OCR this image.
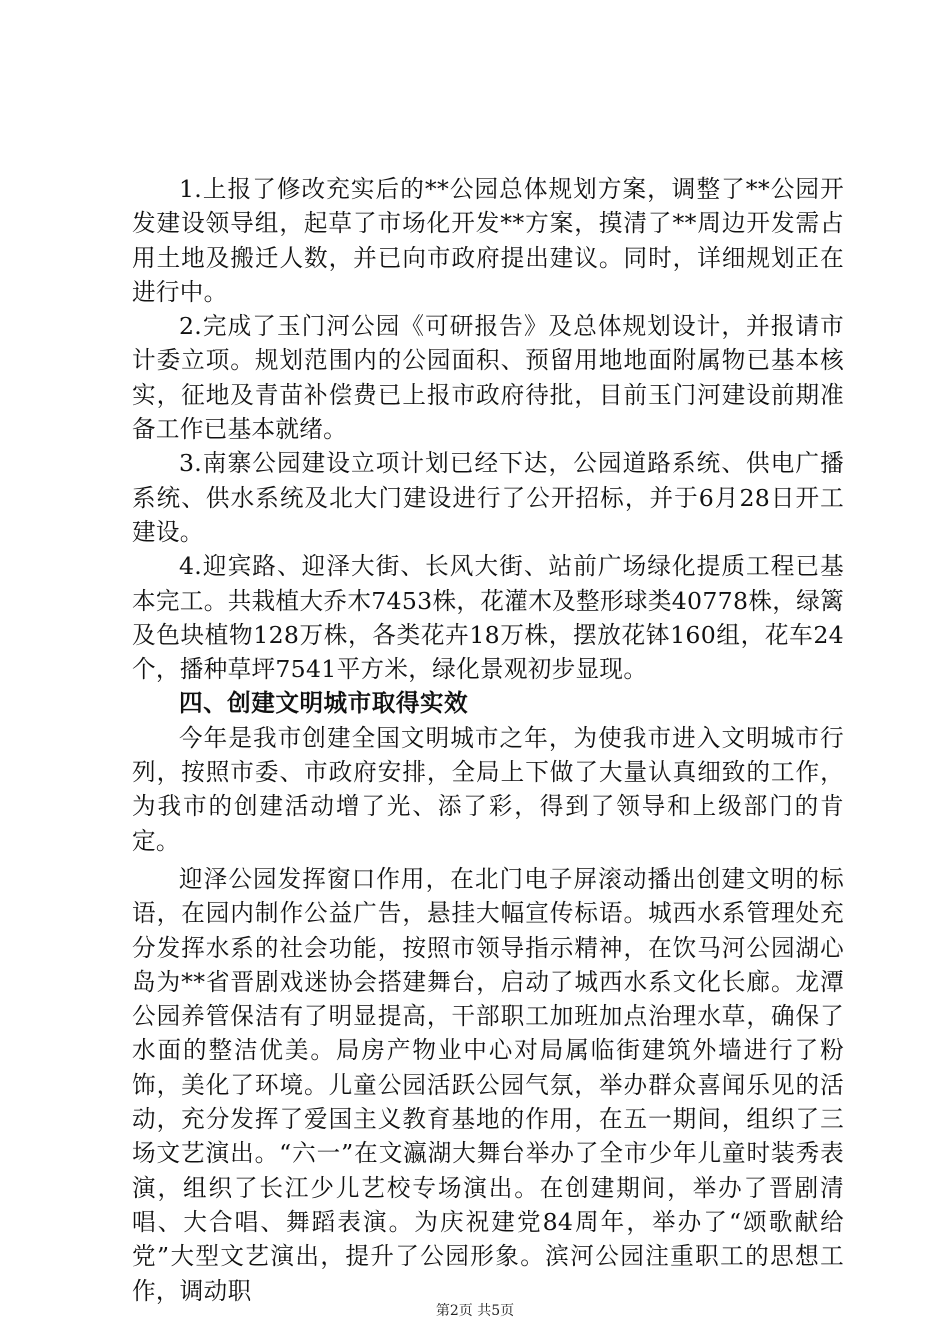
1.上报了修改充实后的**公园总体规划方案，调整了**公园开发建设领导组，起草了市场化开发**方案，摸清了**周边开发需占用土地及搬迁人数，并已向市政府提出建议。同时，详细规划正在进行中。

2.完成了玉门河公园《可研报告》及总体规划设计，并报请市计委立项。规划范围内的公园面积、预留用地地面附属物已基本核实，征地及青苗补偿费已上报市政府待批，目前玉门河建设前期准备工作已基本就绪。

3.南寨公园建设立项计划已经下达，公园道路系统、供电广播系统、供水系统及北大门建设进行了公开招标，并于6月28日开工建设。

4.迎宾路、迎泽大街、长风大街、站前广场绿化提质工程已基本完工。共栽植大乔木7453株，花灌木及整形球类40778株，绿篱及色块植物128万株，各类花卉18万株，摆放花钵160组，花车24个，播种草坪7541平方米，绿化景观初步显现。

四、创建文明城市取得实效

今年是我市创建全国文明城市之年，为使我市进入文明城市行列，按照市委、市政府安排，全局上下做了大量认真细致的工作，为我市的创建活动增了光、添了彩，得到了领导和上级部门的肯定。

迎泽公园发挥窗口作用，在北门电子屏滚动播出创建文明的标语，在园内制作公益广告，悬挂大幅宣传标语。城西水系管理处充分发挥水系的社会功能，按照市领导指示精神，在饮马河公园湖心岛为**省晋剧戏迷协会搭建舞台，启动了城西水系文化长廊。龙潭公园养管保洁有了明显提高，干部职工加班加点治理水草，确保了水面的整洁优美。局房产物业中心对局属临街建筑外墙进行了粉饰，美化了环境。儿童公园活跃公园气氛，举办群众喜闻乐见的活动，充分发挥了爱国主义教育基地的作用，在五一期间，组织了三场文艺演出。“六一”在文瀛湖大舞台举办了全市少年儿童时装秀表演，组织了长江少儿艺校专场演出。在创建期间，举办了晋剧清唱、大合唱、舞蹈表演。为庆祝建党84周年，举办了“颂歌献给党”大型文艺演出，提升了公园形象。滨河公园注重职工的思想工作，调动职

第2页 共5页
